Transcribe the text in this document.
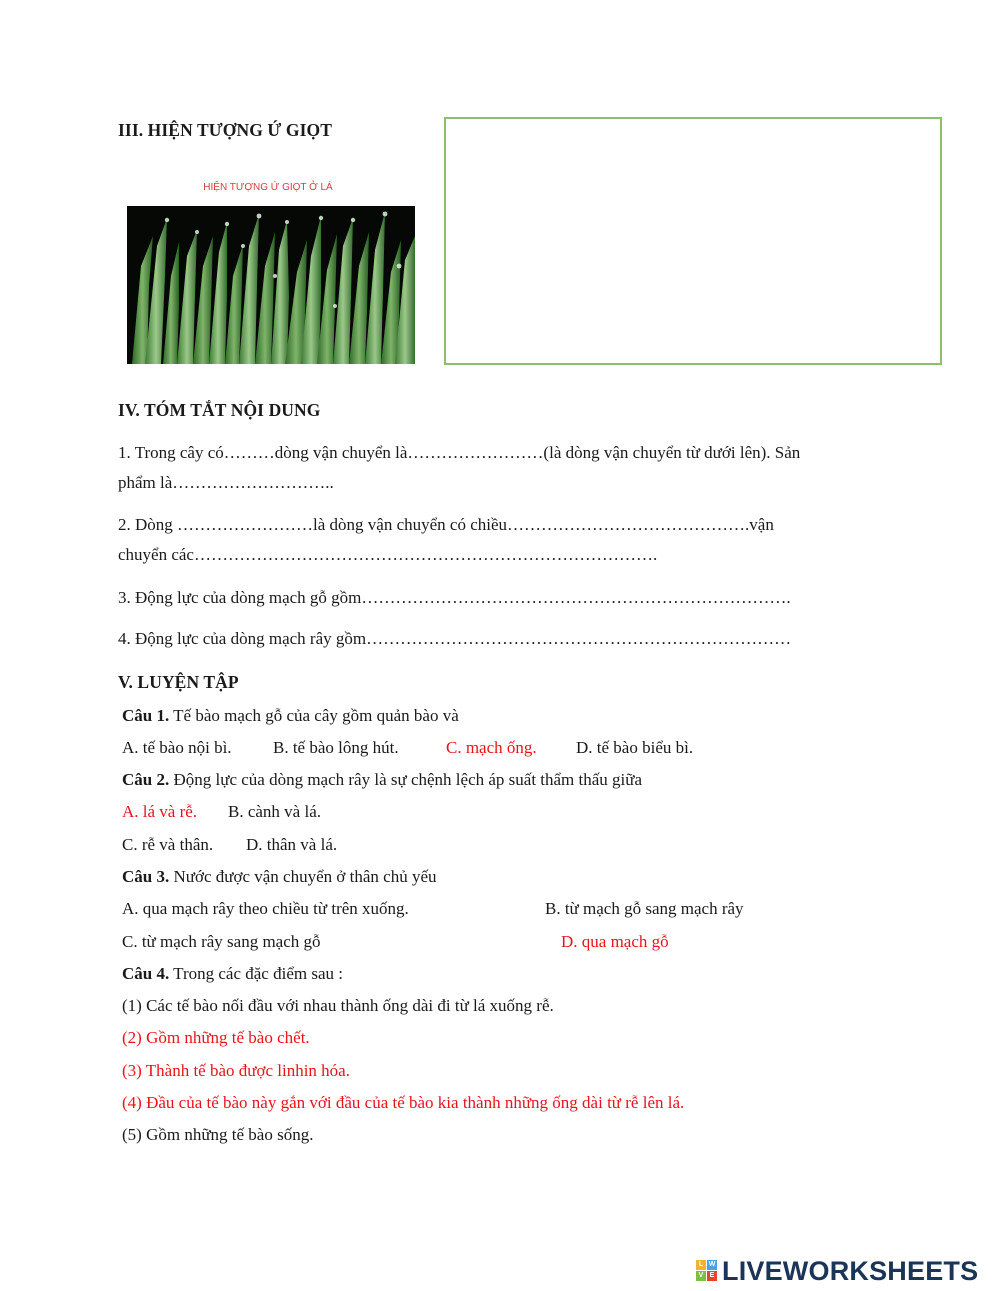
III. HIỆN TƯỢNG Ứ GIỌT
HIỆN TƯỢNG Ứ GIỌT Ở LÁ
IV. TÓM TẮT NỘI DUNG
1. Trong cây có………dòng vận chuyển là……………………(là dòng vận chuyển từ dưới lên). Sản
phẩm là………………………..
2. Dòng ……………………là dòng vận chuyển có chiều…………………………………….vận
chuyển các……………………………………………………………………….
3. Động lực của dòng mạch gỗ gồm………………………………………………………………….
4. Động lực của dòng mạch rây gồm…………………………………………………………………
V. LUYỆN TẬP
Câu 1. Tế bào mạch gỗ của cây gồm quản bào và
A. tế bào nội bì. B. tế bào lông hút.	C. mạch ống. D. tế bào biểu bì.
Câu 2. Động lực của dòng mạch rây là sự chệnh lệch áp suất thẩm thấu giữa
A. lá và rễ. B. cành và lá.
C. rễ và thân. D. thân và lá.
Câu 3. Nước được vận chuyển ở thân chủ yếu
A. qua mạch rây theo chiều từ trên xuống.	B. từ mạch gỗ sang mạch rây
C. từ mạch rây sang mạch gỗ	D. qua mạch gỗ
Câu 4. Trong các đặc điểm sau :
(1) Các tế bào nối đầu với nhau thành ống dài đi từ lá xuống rễ.
(2) Gồm những tế bào chết.
(3) Thành tế bào được linhin hóa.
(4) Đầu của tế bào này gắn với đầu của tế bào kia thành những ống dài từ rễ lên lá.
(5) Gồm những tế bào sống.
L W
V E LIVEWORKSHEETS
